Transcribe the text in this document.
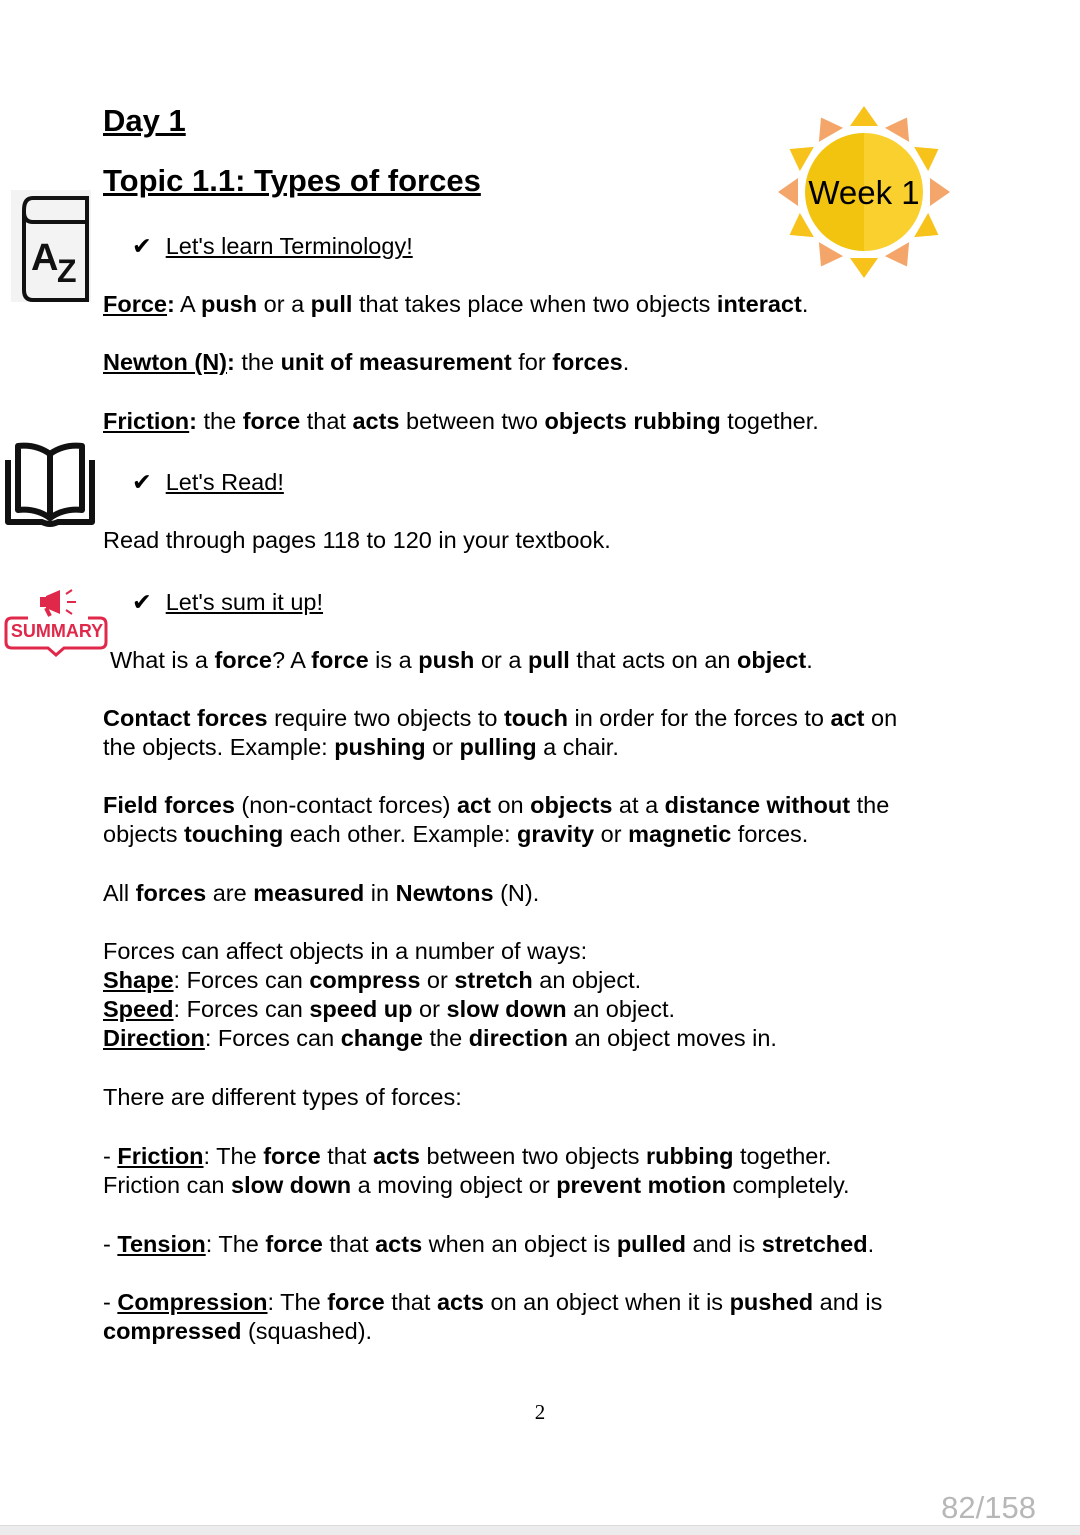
Day 1
Topic 1.1: Types of forces	Week 1
A
Z
✔ Let's learn Terminology!
Force: A push or a pull that takes place when two objects interact.
Newton (N): the unit of measurement for forces.
Friction: the force that acts between two objects rubbing together.
✔ Let's Read!
Read through pages 118 to 120 in your textbook.
SUMMARY
✔ Let's sum it up!
What is a force? A force is a push or a pull that acts on an object.
Contact forces require two objects to touch in order for the forces to act on
the objects. Example: pushing or pulling a chair.
Field forces (non-contact forces) act on objects at a distance without the
objects touching each other. Example: gravity or magnetic forces.
All forces are measured in Newtons (N).
Forces can affect objects in a number of ways:
Shape: Forces can compress or stretch an object.
Speed: Forces can speed up or slow down an object.
Direction: Forces can change the direction an object moves in.
There are different types of forces:
- Friction: The force that acts between two objects rubbing together.
Friction can slow down a moving object or prevent motion completely.
- Tension: The force that acts when an object is pulled and is stretched.
- Compression: The force that acts on an object when it is pushed and is
compressed (squashed).
2
82/158
